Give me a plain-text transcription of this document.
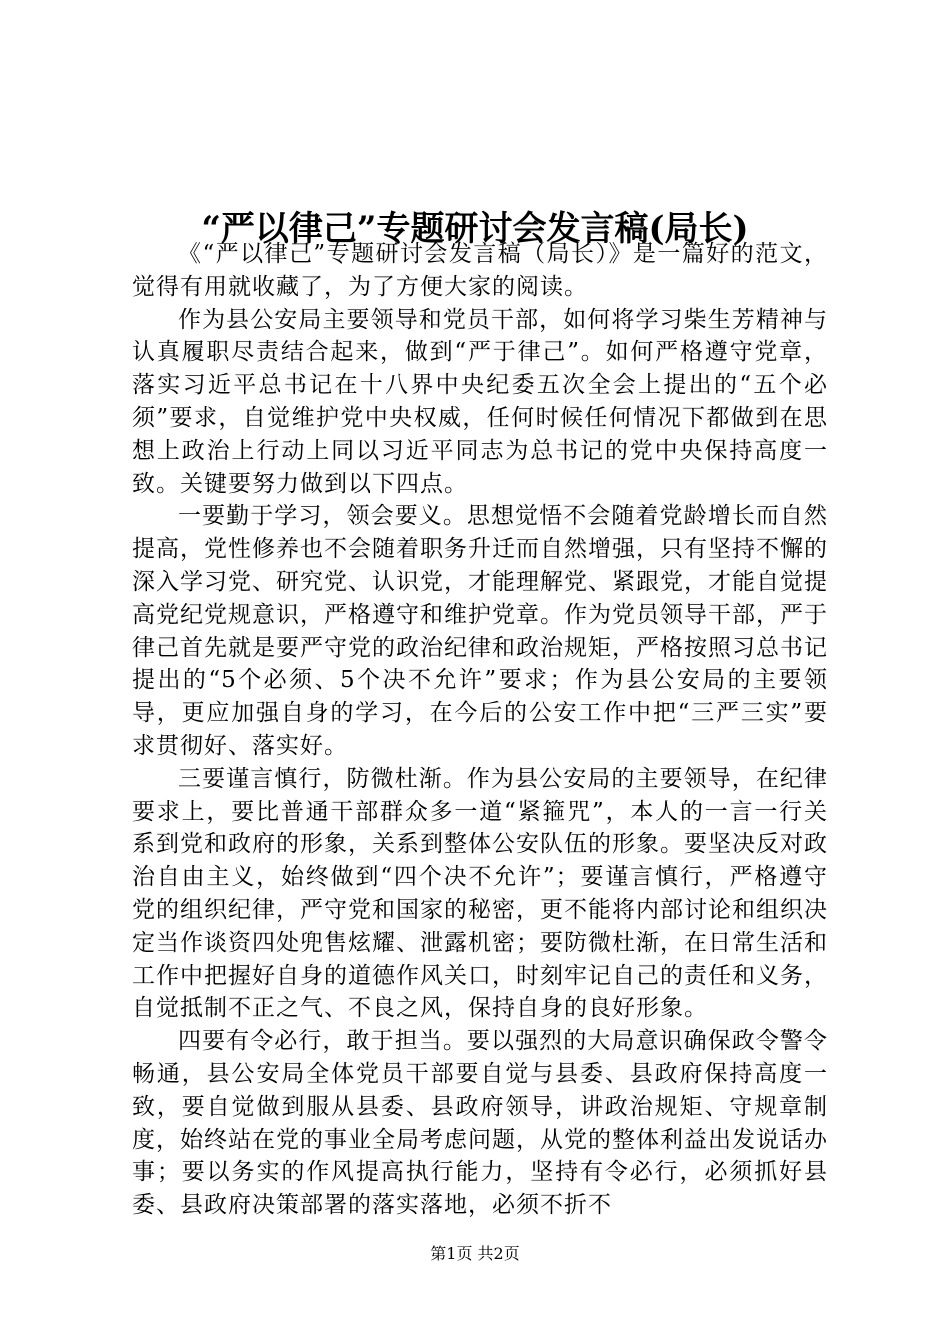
“严以律己”专题研讨会发言稿(局长)

《“严以律己”专题研讨会发言稿（局长）》是一篇好的范文，觉得有用就收藏了，为了方便大家的阅读。

作为县公安局主要领导和党员干部，如何将学习柴生芳精神与认真履职尽责结合起来，做到“严于律己”。如何严格遵守党章，落实习近平总书记在十八界中央纪委五次全会上提出的“五个必须”要求，自觉维护党中央权威，任何时候任何情况下都做到在思想上政治上行动上同以习近平同志为总书记的党中央保持高度一致。关键要努力做到以下四点。

一要勤于学习，领会要义。思想觉悟不会随着党龄增长而自然提高，党性修养也不会随着职务升迁而自然增强，只有坚持不懈的深入学习党、研究党、认识党，才能理解党、紧跟党，才能自觉提高党纪党规意识，严格遵守和维护党章。作为党员领导干部，严于律己首先就是要严守党的政治纪律和政治规矩，严格按照习总书记提出的“5个必须、5个决不允许”要求；作为县公安局的主要领导，更应加强自身的学习，在今后的公安工作中把“三严三实”要求贯彻好、落实好。

三要谨言慎行，防微杜渐。作为县公安局的主要领导，在纪律要求上，要比普通干部群众多一道“紧箍咒”，本人的一言一行关系到党和政府的形象，关系到整体公安队伍的形象。要坚决反对政治自由主义，始终做到“四个决不允许”；要谨言慎行，严格遵守党的组织纪律，严守党和国家的秘密，更不能将内部讨论和组织决定当作谈资四处兜售炫耀、泄露机密；要防微杜渐，在日常生活和工作中把握好自身的道德作风关口，时刻牢记自己的责任和义务，自觉抵制不正之气、不良之风，保持自身的良好形象。

四要有令必行，敢于担当。要以强烈的大局意识确保政令警令畅通，县公安局全体党员干部要自觉与县委、县政府保持高度一致，要自觉做到服从县委、县政府领导，讲政治规矩、守规章制度，始终站在党的事业全局考虑问题，从党的整体利益出发说话办事；要以务实的作风提高执行能力，坚持有令必行，必须抓好县委、县政府决策部署的落实落地，必须不折不

第1页 共2页
